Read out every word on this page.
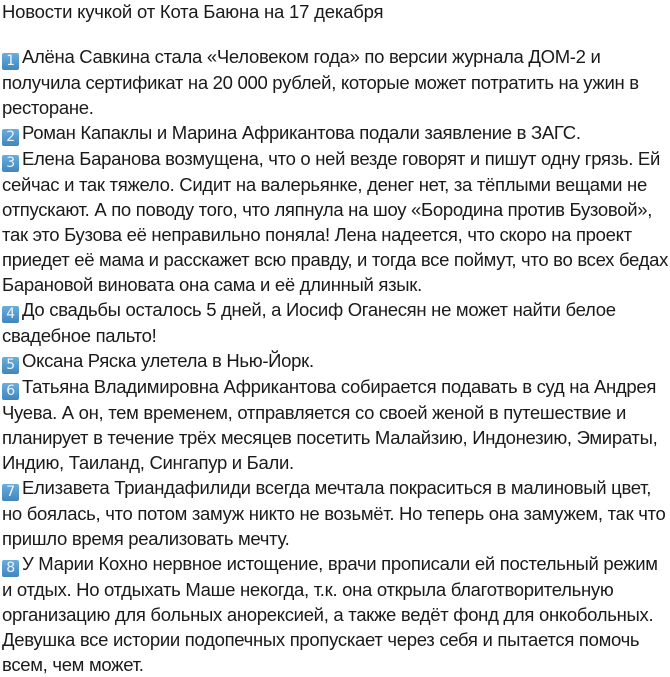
Новости кучкой от Кота Баюна на 17 декабря

1 Алёна Савкина стала «Человеком года» по версии журнала ДОМ-2 и получила сертификат на 20 000 рублей, которые может потратить на ужин в ресторане.

2 Роман Капаклы и Марина Африкантова подали заявление в ЗАГС.

3 Елена Баранова возмущена, что о ней везде говорят и пишут одну грязь. Ей сейчас и так тяжело. Сидит на валерьянке, денег нет, за тёплыми вещами не отпускают. А по поводу того, что ляпнула на шоу «Бородина против Бузовой», так это Бузова её неправильно поняла! Лена надеется, что скоро на проект приедет её мама и расскажет всю правду, и тогда все поймут, что во всех бедах Барановой виновата она сама и её длинный язык.

4 До свадьбы осталось 5 дней, а Иосиф Оганесян не может найти белое свадебное пальто!

5 Оксана Ряска улетела в Нью-Йорк.

6 Татьяна Владимировна Африкантова собирается подавать в суд на Андрея Чуева. А он, тем временем, отправляется со своей женой в путешествие и планирует в течение трёх месяцев посетить Малайзию, Индонезию, Эмираты, Индию, Таиланд, Сингапур и Бали.

7 Елизавета Триандафилиди всегда мечтала покраситься в малиновый цвет, но боялась, что потом замуж никто не возьмёт. Но теперь она замужем, так что пришло время реализовать мечту.

8 У Марии Кохно нервное истощение, врачи прописали ей постельный режим и отдых. Но отдыхать Маше некогда, т.к. она открыла благотворительную организацию для больных анорексией, а также ведёт фонд для онкобольных. Девушка все истории подопечных пропускает через себя и пытается помочь всем, чем может.
